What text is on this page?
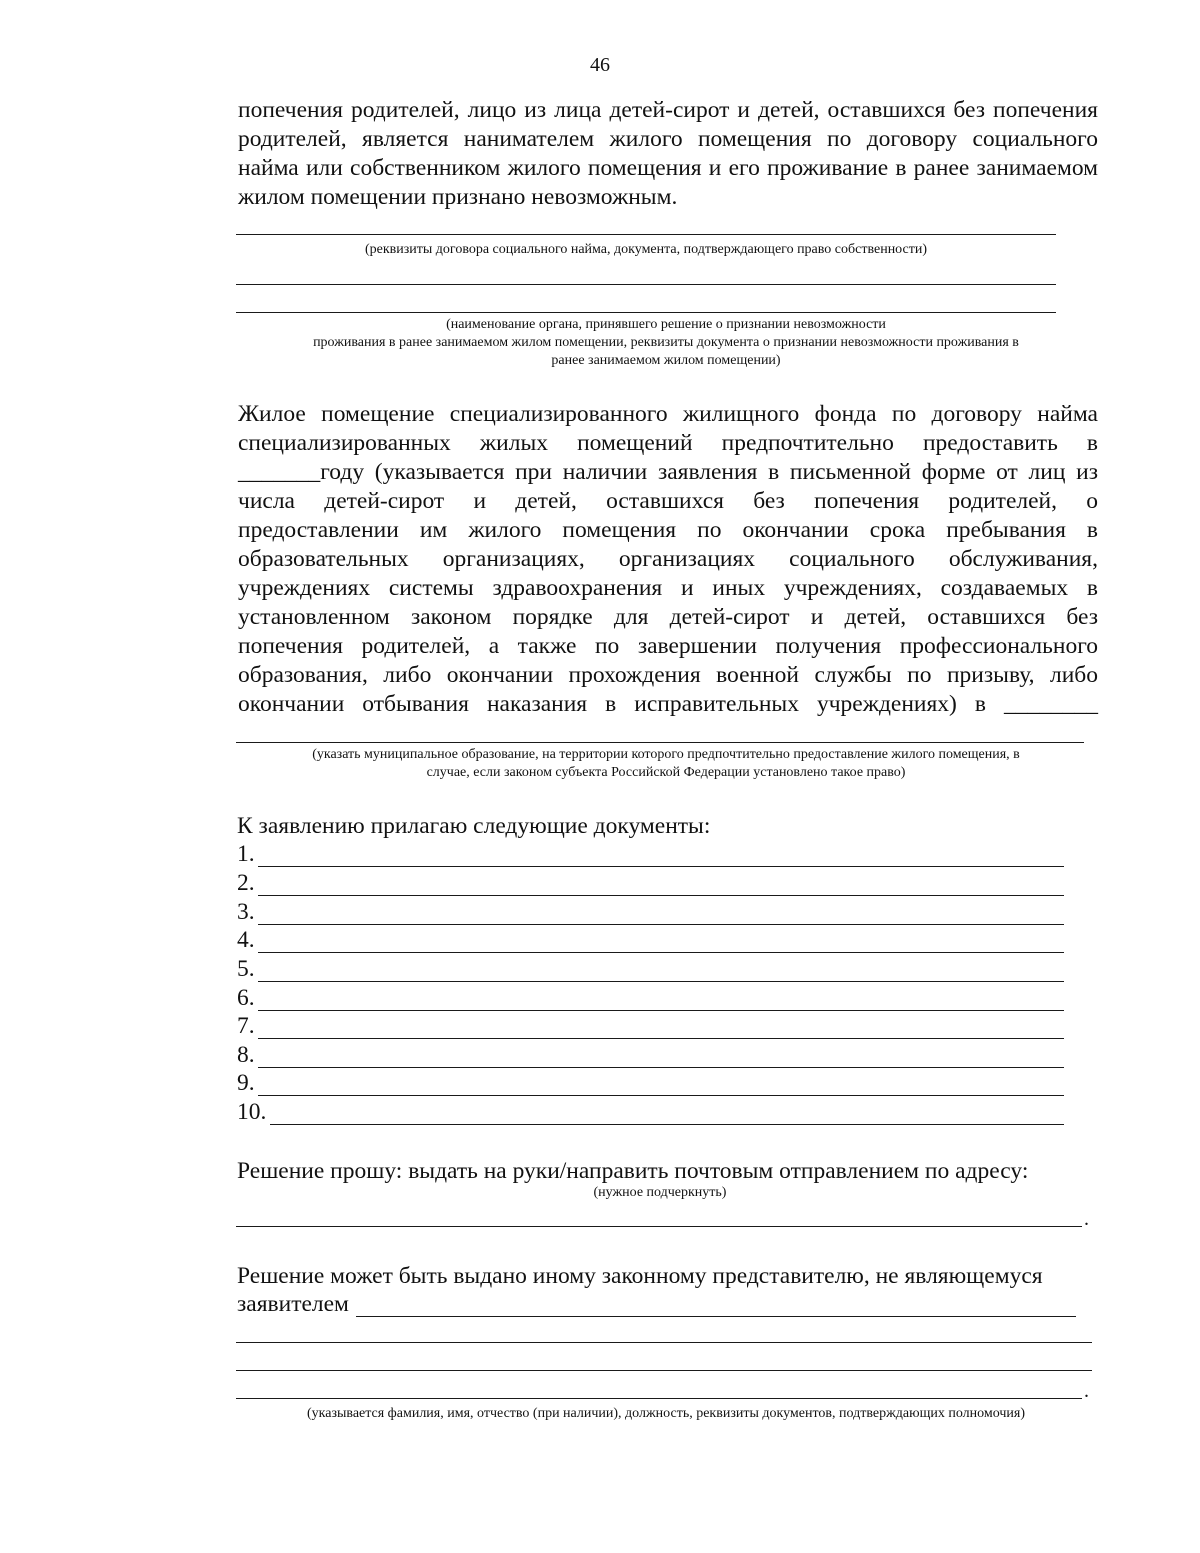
46
попечения родителей, лицо из лица детей-сирот и детей, оставшихся без попечения родителей, является нанимателем жилого помещения по договору социального найма или собственником жилого помещения и его проживание в ранее занимаемом жилом помещении признано невозможным.
(реквизиты договора социального найма, документа, подтверждающего право собственности)
(наименование органа, принявшего решение о признании невозможности
проживания в ранее занимаемом жилом помещении, реквизиты документа о признании невозможности проживания в
ранее занимаемом жилом помещении)
Жилое помещение специализированного жилищного фонда по договору найма
специализированных жилых помещений предпочтительно предоставить в
_______году (указывается при наличии заявления в письменной форме от лиц из
числа детей-сирот и детей, оставшихся без попечения родителей, о
предоставлении им жилого помещения по окончании срока пребывания в
образовательных организациях, организациях социального обслуживания,
учреждениях системы здравоохранения и иных учреждениях, создаваемых в
установленном законом порядке для детей-сирот и детей, оставшихся без
попечения родителей, а также по завершении получения профессионального
образования, либо окончании прохождения военной службы по призыву, либо
окончании отбывания наказания в исправительных учреждениях) в ________
(указать муниципальное образование, на территории которого предпочтительно предоставление жилого помещения, в
случае, если законом субъекта Российской Федерации установлено такое право)
К заявлению прилагаю следующие документы:
1.
2.
3.
4.
5.
6.
7.
8.
9.
10.
Решение прошу: выдать на руки/направить почтовым отправлением по адресу:
(нужное подчеркнуть)
.
Решение может быть выдано иному законному представителю, не являющемуся
заявителем
.
(указывается фамилия, имя, отчество (при наличии), должность, реквизиты документов, подтверждающих полномочия)
